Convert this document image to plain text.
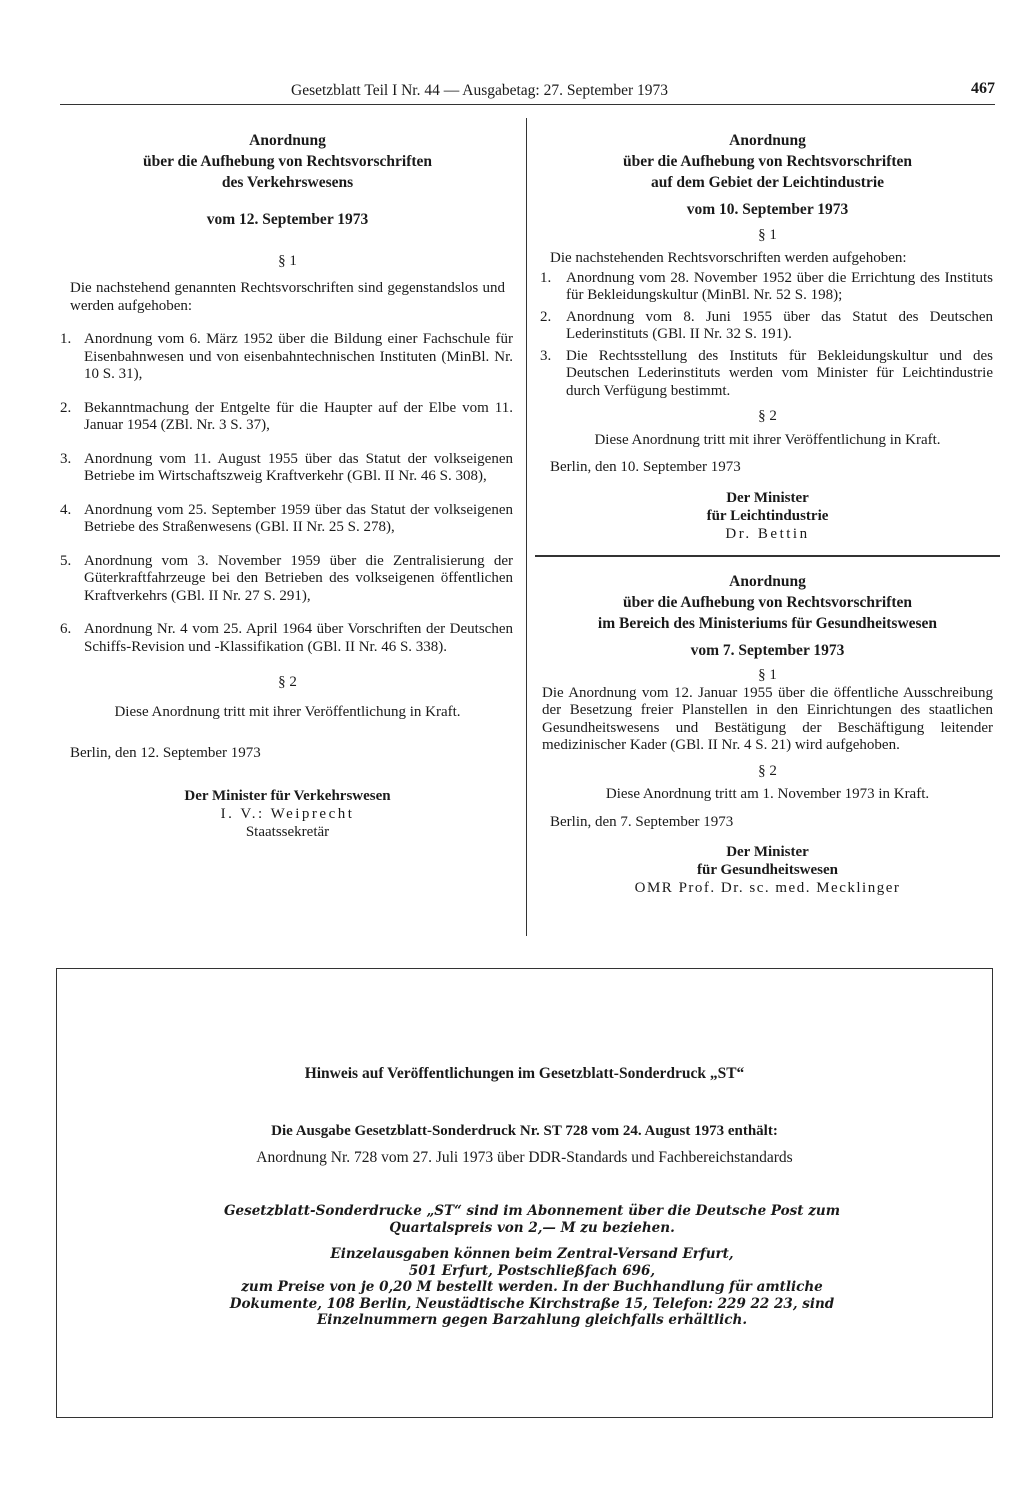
Gesetzblatt Teil I Nr. 44 — Ausgabetag: 27. September 1973	467
Anordnung
über die Aufhebung von Rechtsvorschriften
des Verkehrswesens
vom 12. September 1973
§ 1

Die nachstehend genannten Rechtsvorschriften sind gegenstandslos und werden aufgehoben:

1. Anordnung vom 6. März 1952 über die Bildung einer Fachschule für Eisenbahnwesen und von eisenbahntechnischen Instituten (MinBl. Nr. 10 S. 31),
2. Bekanntmachung der Entgelte für die Haupter auf der Elbe vom 11. Januar 1954 (ZBl. Nr. 3 S. 37),
3. Anordnung vom 11. August 1955 über das Statut der volkseigenen Betriebe im Wirtschaftszweig Kraftverkehr (GBl. II Nr. 46 S. 308),
4. Anordnung vom 25. September 1959 über das Statut der volkseigenen Betriebe des Straßenwesens (GBl. II Nr. 25 S. 278),
5. Anordnung vom 3. November 1959 über die Zentralisierung der Güterkraftfahrzeuge bei den Betrieben des volkseigenen öffentlichen Kraftverkehrs (GBl. II Nr. 27 S. 291),
6. Anordnung Nr. 4 vom 25. April 1964 über Vorschriften der Deutschen Schiffs-Revision und -Klassifikation (GBl. II Nr. 46 S. 338).
§ 2
Diese Anordnung tritt mit ihrer Veröffentlichung in Kraft.
Berlin, den 12. September 1973
Der Minister für Verkehrswesen
I. V.: Weiprecht
Staatssekretär
Anordnung
über die Aufhebung von Rechtsvorschriften
auf dem Gebiet der Leichtindustrie
vom 10. September 1973
§ 1

Die nachstehenden Rechtsvorschriften werden aufgehoben:

1. Anordnung vom 28. November 1952 über die Errichtung des Instituts für Bekleidungskultur (MinBl. Nr. 52 S. 198);
2. Anordnung vom 8. Juni 1955 über das Statut des Deutschen Lederinstituts (GBl. II Nr. 32 S. 191).
3. Die Rechtsstellung des Instituts für Bekleidungskultur und des Deutschen Lederinstituts werden vom Minister für Leichtindustrie durch Verfügung bestimmt.
§ 2
Diese Anordnung tritt mit ihrer Veröffentlichung in Kraft.
Berlin, den 10. September 1973
Der Minister
für Leichtindustrie
Dr. Bettin
Anordnung
über die Aufhebung von Rechtsvorschriften
im Bereich des Ministeriums für Gesundheitswesen
vom 7. September 1973
§ 1

Die Anordnung vom 12. Januar 1955 über die öffentliche Ausschreibung der Besetzung freier Planstellen in den Einrichtungen des staatlichen Gesundheitswesens und Bestätigung der Beschäftigung leitender medizinischer Kader (GBl. II Nr. 4 S. 21) wird aufgehoben.

§ 2
Diese Anordnung tritt am 1. November 1973 in Kraft.
Berlin, den 7. September 1973
Der Minister
für Gesundheitswesen
OMR Prof. Dr. sc. med. Mecklinger
Hinweis auf Veröffentlichungen im Gesetzblatt-Sonderdruck „ST“
Die Ausgabe Gesetzblatt-Sonderdruck Nr. ST 728 vom 24. August 1973 enthält:
Anordnung Nr. 728 vom 27. Juli 1973 über DDR-Standards und Fachbereichstandards
Gesetzblatt-Sonderdrucke „ST“ sind im Abonnement über die Deutsche Post zum
Quartalspreis von 2,— M zu beziehen.
Einzelausgaben können beim Zentral-Versand Erfurt,
501 Erfurt, Postschließfach 696,
zum Preise von je 0,20 M bestellt werden. In der Buchhandlung für amtliche
Dokumente, 108 Berlin, Neustädtische Kirchstraße 15, Telefon: 229 22 23, sind
Einzelnummern gegen Barzahlung gleichfalls erhältlich.
